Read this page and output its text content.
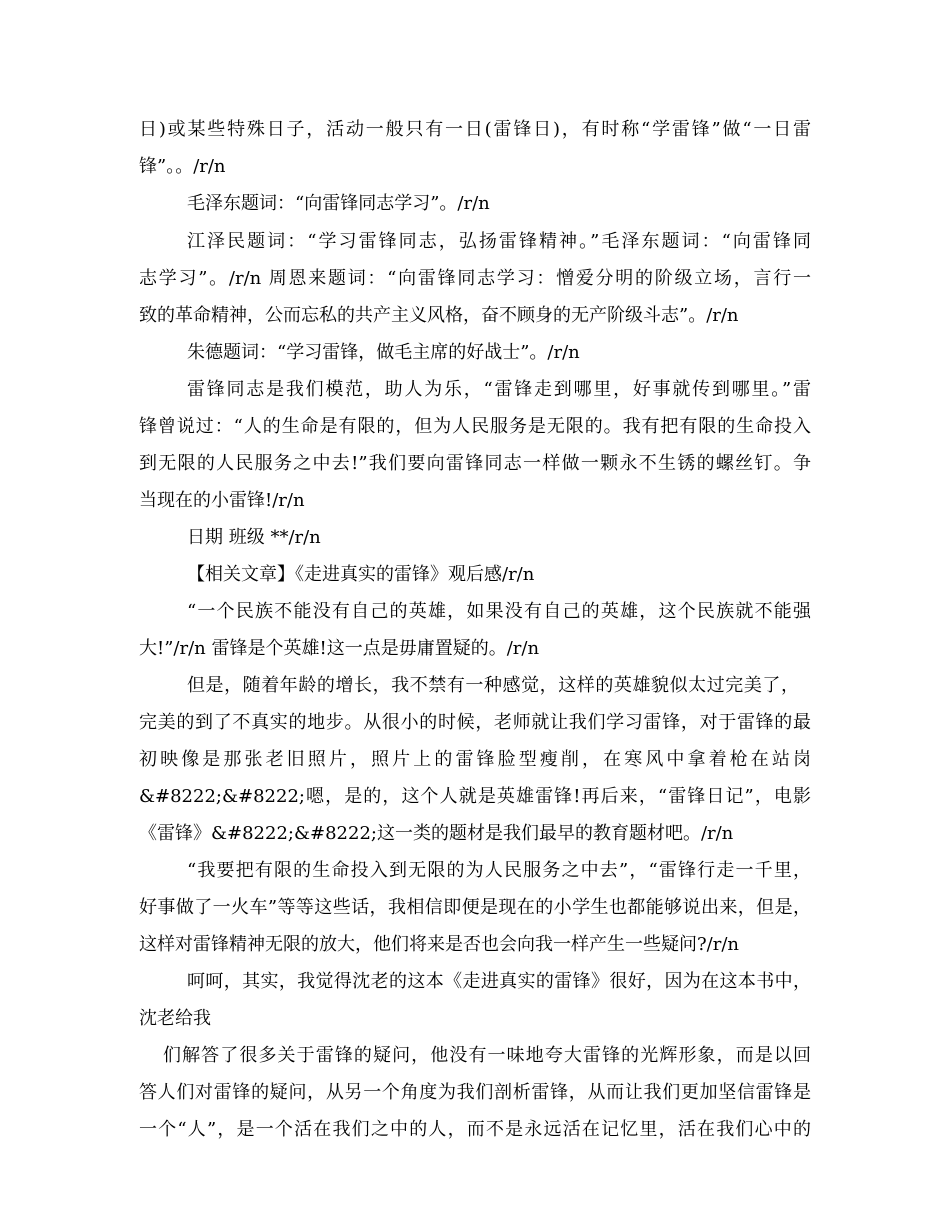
日)或某些特殊日子，活动一般只有一日(雷锋日)，有时称“学雷锋”做“一日雷
锋”。。/r/n
毛泽东题词：“向雷锋同志学习”。/r/n
江泽民题词：“学习雷锋同志，弘扬雷锋精神。”毛泽东题词：“向雷锋同
志学习”。/r/n 周恩来题词：“向雷锋同志学习：憎爱分明的阶级立场，言行一
致的革命精神，公而忘私的共产主义风格，奋不顾身的无产阶级斗志”。/r/n
朱德题词：“学习雷锋，做毛主席的好战士”。/r/n
雷锋同志是我们模范，助人为乐，“雷锋走到哪里，好事就传到哪里。”雷
锋曾说过：“人的生命是有限的，但为人民服务是无限的。我有把有限的生命投入
到无限的人民服务之中去!”我们要向雷锋同志一样做一颗永不生锈的螺丝钉。争
当现在的小雷锋!/r/n
日期 班级 **/r/n
【相关文章】《走进真实的雷锋》观后感/r/n
“一个民族不能没有自己的英雄，如果没有自己的英雄，这个民族就不能强
大!”/r/n 雷锋是个英雄!这一点是毋庸置疑的。/r/n
但是，随着年龄的增长，我不禁有一种感觉，这样的英雄貌似太过完美了，
完美的到了不真实的地步。从很小的时候，老师就让我们学习雷锋，对于雷锋的最
初映像是那张老旧照片，照片上的雷锋脸型瘦削，在寒风中拿着枪在站岗
&#8222;&#8222;嗯，是的，这个人就是英雄雷锋!再后来，“雷锋日记”，电影
《雷锋》&#8222;&#8222;这一类的题材是我们最早的教育题材吧。/r/n
“我要把有限的生命投入到无限的为人民服务之中去”，“雷锋行走一千里，
好事做了一火车”等等这些话，我相信即便是现在的小学生也都能够说出来，但是，
这样对雷锋精神无限的放大，他们将来是否也会向我一样产生一些疑问?/r/n
呵呵，其实，我觉得沈老的这本《走进真实的雷锋》很好，因为在这本书中，
沈老给我
们解答了很多关于雷锋的疑问，他没有一味地夸大雷锋的光辉形象，而是以回
答人们对雷锋的疑问，从另一个角度为我们剖析雷锋，从而让我们更加坚信雷锋是
一个“人”，是一个活在我们之中的人，而不是永远活在记忆里，活在我们心中的
